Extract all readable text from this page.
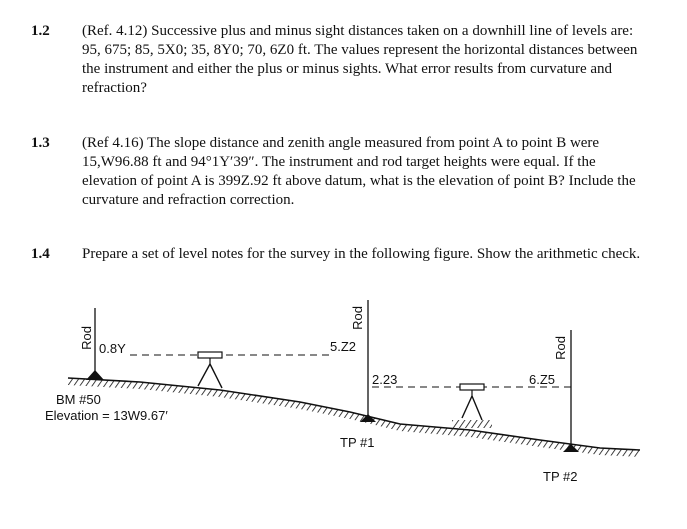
1.2 (Ref. 4.12) Successive plus and minus sight distances taken on a downhill line of levels are: 95, 675; 85, 5X0; 35, 8Y0; 70, 6Z0 ft. The values represent the horizontal distances between the instrument and either the plus or minus sights. What error results from curvature and refraction?
1.3 (Ref 4.16) The slope distance and zenith angle measured from point A to point B were 15,W96.88 ft and 94°1Y′39″. The instrument and rod target heights were equal. If the elevation of point A is 399Z.92 ft above datum, what is the elevation of point B? Include the curvature and refraction correction.
1.4 Prepare a set of level notes for the survey in the following figure. Show the arithmetic check.
Rod 0.8Y
Rod
5.Z2
2.23
Rod
6.Z5
BM #50
Elevation = 13W9.67′
TP #1
TP #2
